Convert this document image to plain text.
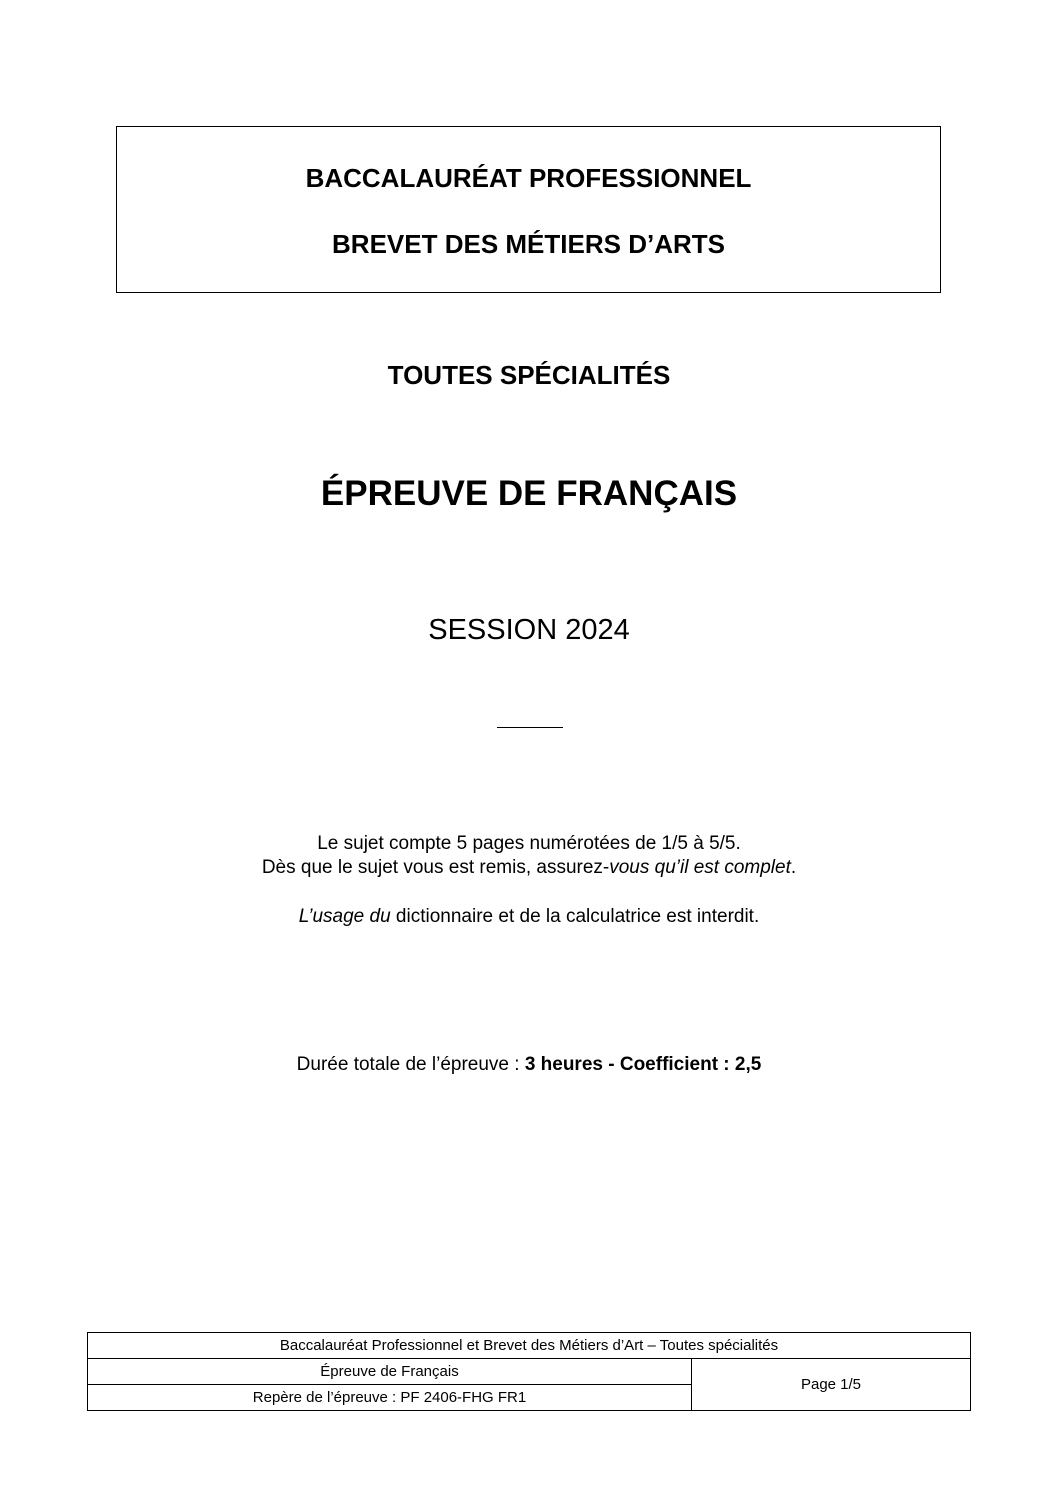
BACCALAURÉAT PROFESSIONNEL
BREVET DES MÉTIERS D’ARTS
TOUTES SPÉCIALITÉS
ÉPREUVE DE FRANÇAIS
SESSION 2024
Le sujet compte 5 pages numérotées de 1/5 à 5/5.
Dès que le sujet vous est remis, assurez-vous qu’il est complet.
L’usage du dictionnaire et de la calculatrice est interdit.
Durée totale de l’épreuve : 3 heures - Coefficient : 2,5
Baccalauréat Professionnel et Brevet des Métiers d’Art – Toutes spécialités
Épreuve de Français
Repère de l’épreuve : PF 2406-FHG FR1
Page 1/5
